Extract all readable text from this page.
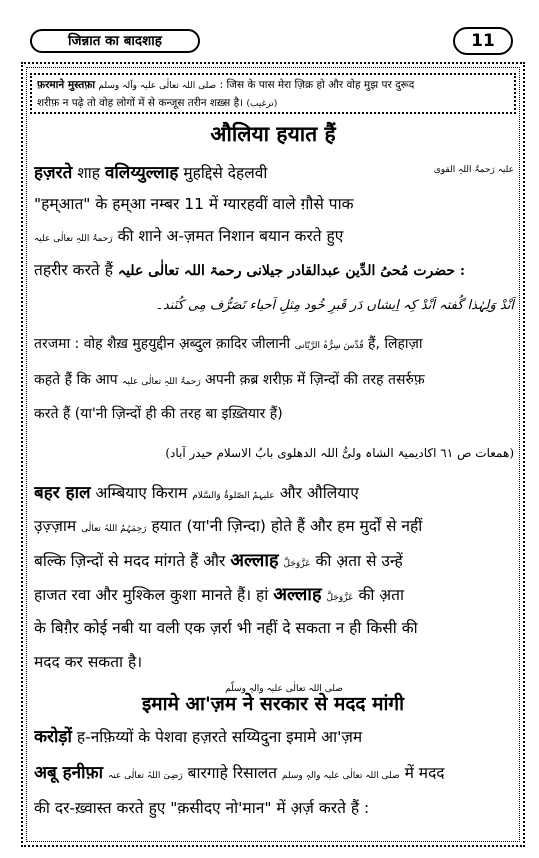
जिन्नात का बादशाह	11
फ़रमाने मुस्तफ़ा صلی اللہ تعالٰی علیہ وآلہ وسلم : जिस के पास मेरा ज़िक्र हो और वोह मुझ पर दुरूद
शरीफ़ न पढ़े तो वोह लोगों में से कन्जूस तरीन शख़्स है। (ترغیب)
औलिया हयात हैं
हज़रते शाह वलिय्युल्लाह मुहद्दिसे देहलवी	علیہ رَحمۃُ اللہِ القوی
"हम्आत" के हम्आ नम्बर 11 में ग्यारहवीं वाले ग़ौसे पाक
رَحمۃُ اللہِ تعالٰی علیہ की शाने अ-ज़मत निशान बयान करते हुए
तहरीर करते हैं : حضرت مُحیُ الدِّین عبدالقادر جیلانی رحمۃ اللہ تعالٰی علیہ
اَنْدْ وَلِہٰذا گُفتہ اَنْدْ کِہ اِیشاں دَر قَبرِ خُود مِثلِ اَحیاء تَصَرُّف مِی کُنَند۔
तरजमा : वोह शैख़ मुहयुद्दीन अ़ब्दुल क़ादिर जीलानी قُدِّسَ سِرُّہُ الرَّبّانی हैं, लिहाज़ा
कहते हैं कि आप رَحمۃُ اللہِ تعالٰی علیہ अपनी क़ब्र शरीफ़ में ज़िन्दों की तरह तसर्रुफ़
करते हैं (या'नी ज़िन्दों ही की तरह बा इख़्तियार हैं)
(ھمعات ص ٦١ اکادیمیۃ الشاہ ولیُّ اللہ الدھلوی بابُ الاسلام حیدر آباد)
बहर हाल अम्बियाए किराम علیہمُ الصّلوۃُ وَالسَّلام और औलियाए
उ़ज़्ज़ाम رَحِمَہُمُ اللہُ تعالٰی हयात (या'नी ज़िन्दा) होते हैं और हम मुर्दों से नहीं
बल्कि ज़िन्दों से मदद मांगते हैं और अल्लाह عَزَّوَجَلَّ की अ़ता से उन्हें
हाजत रवा और मुश्किल कुशा मानते हैं। हां अल्लाह عَزَّوَجَلَّ की अ़ता
के बिग़ैर कोई नबी या वली एक ज़र्रा भी नहीं दे सकता न ही किसी की
मदद कर सकता है।
صلی اللہ تعالٰی علیہ والہٖ وسلّم
इमामे आ'ज़म ने सरकार से मदद मांगी
करोड़ों ह-नफ़िय्यों के पेशवा हज़रते सय्यिदुना इमामे आ'ज़म
अबू हनीफ़ा رَضِیَ اللہُ تعالٰی عنہ बारगाहे रिसालत صلی اللہ تعالٰی علیہ والہٖ وسلم में मदद
की दर-ख़्वास्त करते हुए "क़सीदए नो'मान" में अ़र्ज़ करते हैं :
